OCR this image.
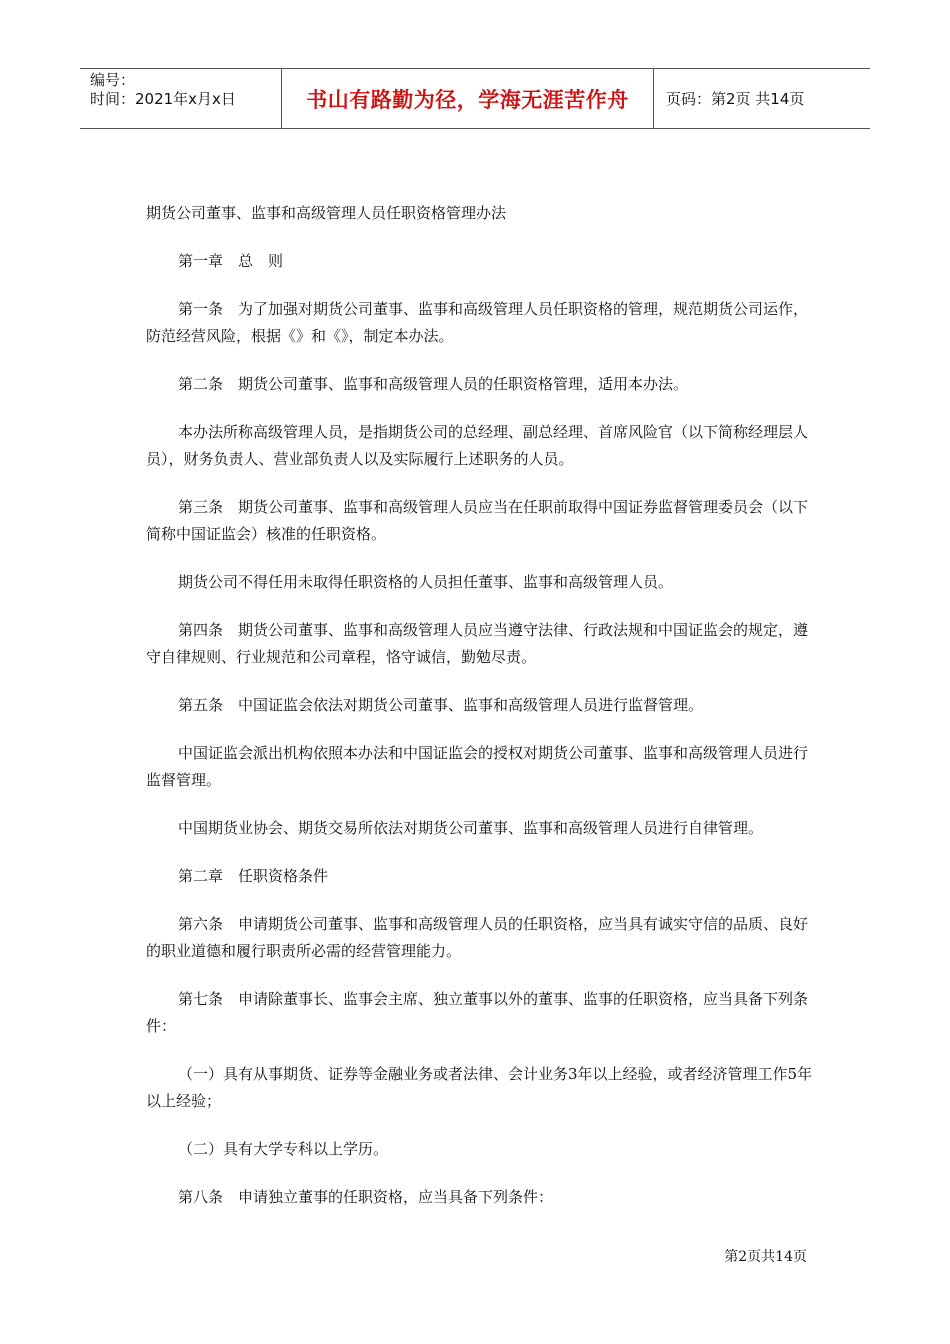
编号：
时间：2021年x月x日	书山有路勤为径，学海无涯苦作舟	页码：第2页 共14页

期货公司董事、监事和高级管理人员任职资格管理办法

第一章　总　则

第一条　为了加强对期货公司董事、监事和高级管理人员任职资格的管理，规范期货公司运作，防范经营风险，根据《》和《》，制定本办法。

第二条　期货公司董事、监事和高级管理人员的任职资格管理，适用本办法。

本办法所称高级管理人员，是指期货公司的总经理、副总经理、首席风险官（以下简称经理层人员），财务负责人、营业部负责人以及实际履行上述职务的人员。

第三条　期货公司董事、监事和高级管理人员应当在任职前取得中国证券监督管理委员会（以下简称中国证监会）核准的任职资格。

期货公司不得任用未取得任职资格的人员担任董事、监事和高级管理人员。

第四条　期货公司董事、监事和高级管理人员应当遵守法律、行政法规和中国证监会的规定，遵守自律规则、行业规范和公司章程，恪守诚信，勤勉尽责。

第五条　中国证监会依法对期货公司董事、监事和高级管理人员进行监督管理。

中国证监会派出机构依照本办法和中国证监会的授权对期货公司董事、监事和高级管理人员进行监督管理。

中国期货业协会、期货交易所依法对期货公司董事、监事和高级管理人员进行自律管理。

第二章　任职资格条件

第六条　申请期货公司董事、监事和高级管理人员的任职资格，应当具有诚实守信的品质、良好的职业道德和履行职责所必需的经营管理能力。

第七条　申请除董事长、监事会主席、独立董事以外的董事、监事的任职资格，应当具备下列条件：

（一）具有从事期货、证券等金融业务或者法律、会计业务3年以上经验，或者经济管理工作5年以上经验；

（二）具有大学专科以上学历。

第八条　申请独立董事的任职资格，应当具备下列条件：

第2页共14页
